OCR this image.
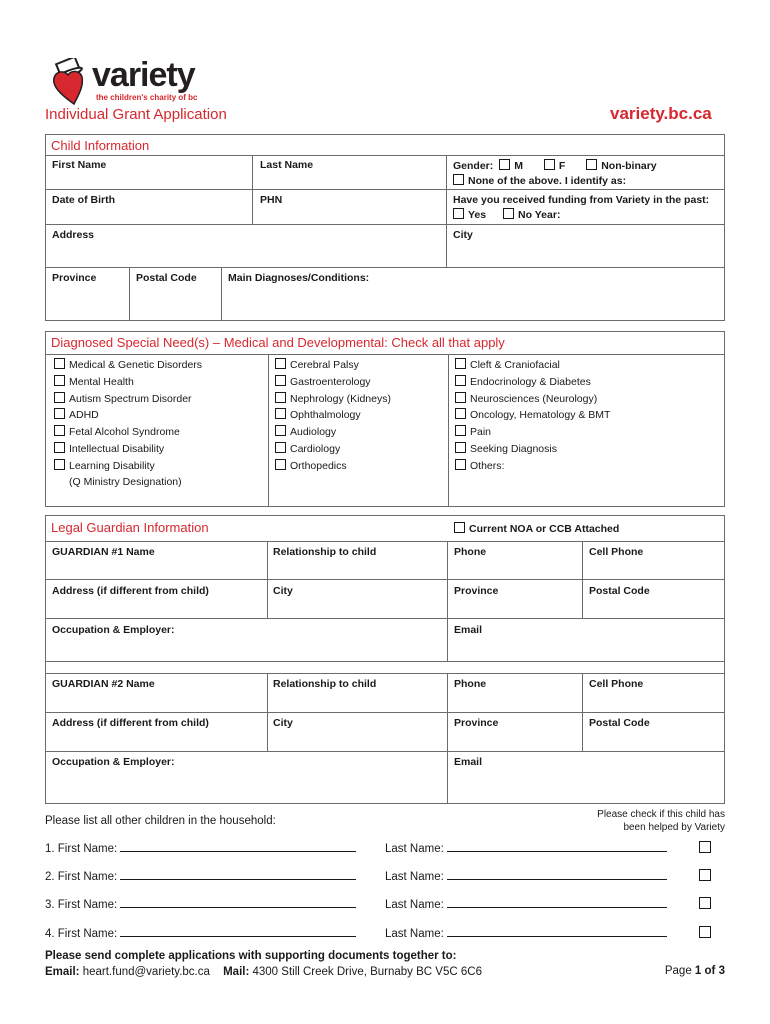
variety
the children's charity of bc
Individual Grant Application	variety.bc.ca
Child Information
First Name	Last Name	Gender: M	F	Non-binary
None of the above. I identify as:
Date of Birth	PHN	Have you received funding from Variety in the past:
Yes	No Year:
Address	City
Province	Postal Code	Main Diagnoses/Conditions:
Diagnosed Special Need(s) – Medical and Developmental: Check all that apply
Medical & Genetic Disorders
Mental Health
Autism Spectrum Disorder
ADHD
Fetal Alcohol Syndrome
Intellectual Disability
Learning Disability
(Q Ministry Designation)
Cerebral Palsy
Gastroenterology
Nephrology (Kidneys)
Ophthalmology
Audiology
Cardiology
Orthopedics
Cleft & Craniofacial
Endocrinology & Diabetes
Neurosciences (Neurology)
Oncology, Hematology & BMT
Pain
Seeking Diagnosis
Others:
Legal Guardian Information	Current NOA or CCB Attached
GUARDIAN #1 Name	Relationship to child	Phone	Cell Phone
Address (if different from child)	City	Province	Postal Code
Occupation & Employer:	Email
GUARDIAN #2 Name	Relationship to child	Phone	Cell Phone
Address (if different from child)	City	Province	Postal Code
Occupation & Employer:	Email
Please list all other children in the household:
Please check if this child has
been helped by Variety
1. First Name:	Last Name:
2. First Name:	Last Name:
3. First Name:	Last Name:
4. First Name:	Last Name:
Please send complete applications with supporting documents together to:
Email: heart.fund@variety.bc.ca Mail: 4300 Still Creek Drive, Burnaby BC V5C 6C6	Page 1 of 3
